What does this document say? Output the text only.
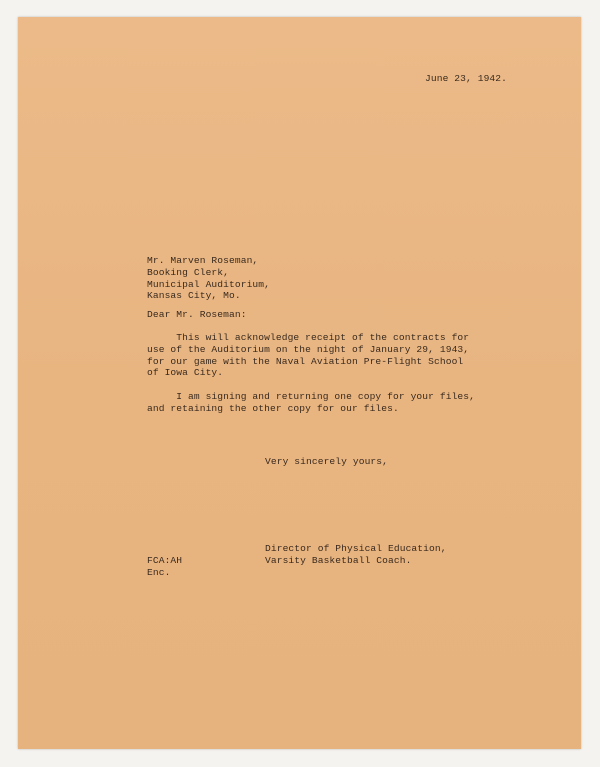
June 23, 1942.
Mr. Marven Roseman,
Booking Clerk,
Municipal Auditorium,
Kansas City, Mo.
Dear Mr. Roseman:
This will acknowledge receipt of the contracts for
use of the Auditorium on the night of January 29, 1943,
for our game with the Naval Aviation Pre-Flight School
of Iowa City.
I am signing and returning one copy for your files,
and retaining the other copy for our files.
Very sincerely yours,
Director of Physical Education,
Varsity Basketball Coach.
FCA:AH
Enc.
